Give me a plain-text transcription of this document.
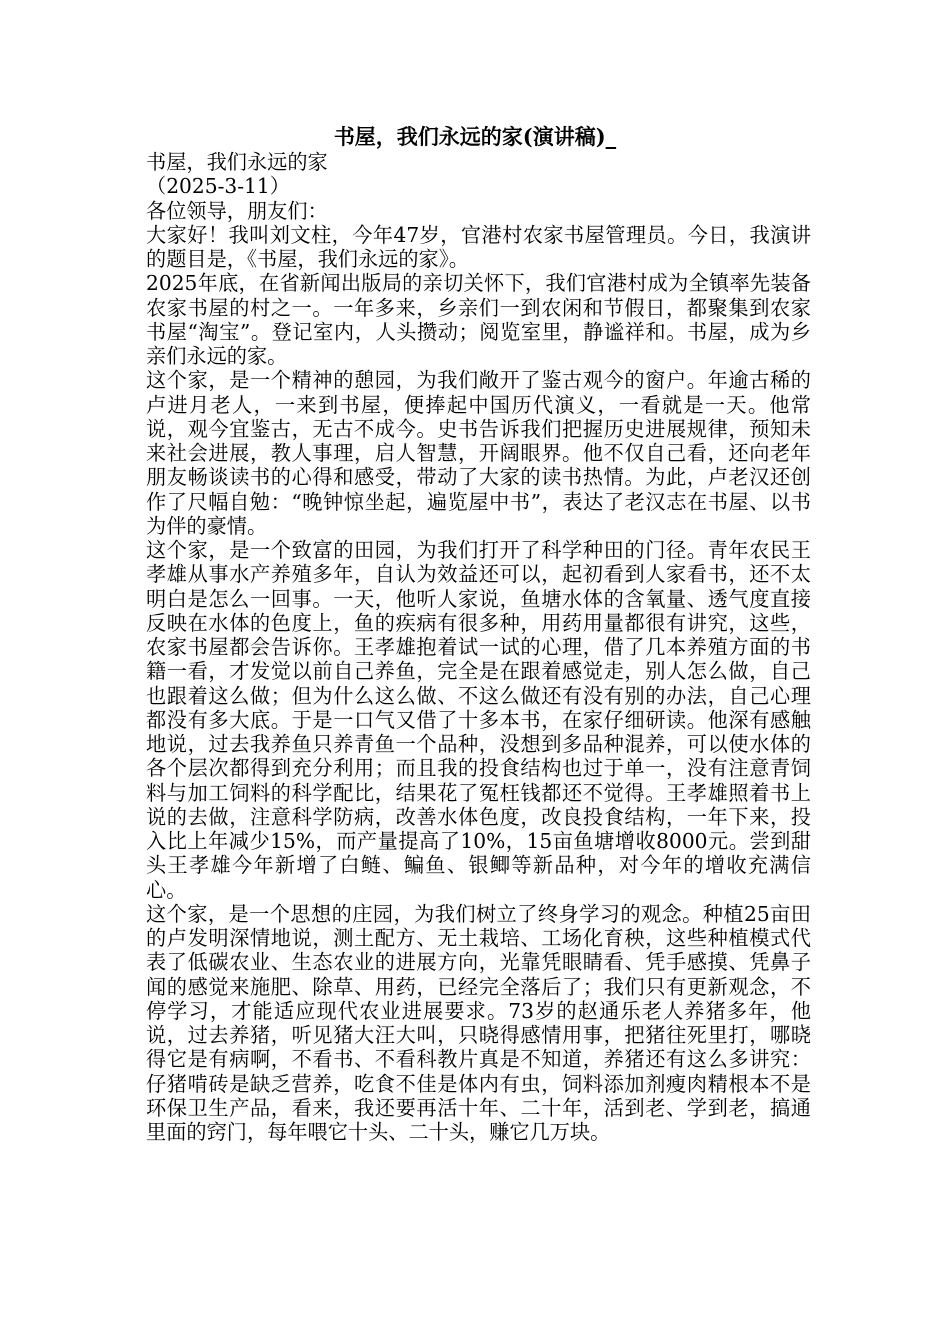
书屋，我们永远的家(演讲稿)_

书屋，我们永远的家

（2025-3-11）

各位领导，朋友们：

大家好！我叫刘文柱，今年47岁，官港村农家书屋管理员。今日，我演讲的题目是，《书屋，我们永远的家》。

2025年底，在省新闻出版局的亲切关怀下，我们官港村成为全镇率先装备农家书屋的村之一。一年多来，乡亲们一到农闲和节假日，都聚集到农家书屋“淘宝”。登记室内，人头攒动；阅览室里，静谧祥和。书屋，成为乡亲们永远的家。

这个家，是一个精神的憩园，为我们敞开了鉴古观今的窗户。年逾古稀的卢进月老人，一来到书屋，便捧起中国历代演义，一看就是一天。他常说，观今宜鉴古，无古不成今。史书告诉我们把握历史进展规律，预知未来社会进展，教人事理，启人智慧，开阔眼界。他不仅自己看，还向老年朋友畅谈读书的心得和感受，带动了大家的读书热情。为此，卢老汉还创作了尺幅自勉：“晚钟惊坐起，遍览屋中书”，表达了老汉志在书屋、以书为伴的豪情。

这个家，是一个致富的田园，为我们打开了科学种田的门径。青年农民王孝雄从事水产养殖多年，自认为效益还可以，起初看到人家看书，还不太明白是怎么一回事。一天，他听人家说，鱼塘水体的含氧量、透气度直接反映在水体的色度上，鱼的疾病有很多种，用药用量都很有讲究，这些，农家书屋都会告诉你。王孝雄抱着试一试的心理，借了几本养殖方面的书籍一看，才发觉以前自己养鱼，完全是在跟着感觉走，别人怎么做，自己也跟着这么做；但为什么这么做、不这么做还有没有别的办法，自己心理都没有多大底。于是一口气又借了十多本书，在家仔细研读。他深有感触地说，过去我养鱼只养青鱼一个品种，没想到多品种混养，可以使水体的各个层次都得到充分利用；而且我的投食结构也过于单一，没有注意青饲料与加工饲料的科学配比，结果花了冤枉钱都还不觉得。王孝雄照着书上说的去做，注意科学防病，改善水体色度，改良投食结构，一年下来，投入比上年减少15%，而产量提高了10%，15亩鱼塘增收8000元。尝到甜头王孝雄今年新增了白鲢、鳊鱼、银鲫等新品种，对今年的增收充满信心。

这个家，是一个思想的庄园，为我们树立了终身学习的观念。种植25亩田的卢发明深情地说，测土配方、无土栽培、工场化育秧，这些种植模式代表了低碳农业、生态农业的进展方向，光靠凭眼睛看、凭手感摸、凭鼻子闻的感觉来施肥、除草、用药，已经完全落后了；我们只有更新观念，不停学习，才能适应现代农业进展要求。73岁的赵通乐老人养猪多年，他说，过去养猪，听见猪大汪大叫，只晓得感情用事，把猪往死里打，哪晓得它是有病啊，不看书、不看科教片真是不知道，养猪还有这么多讲究：仔猪啃砖是缺乏营养，吃食不佳是体内有虫，饲料添加剂瘦肉精根本不是环保卫生产品，看来，我还要再活十年、二十年，活到老、学到老，搞通里面的窍门，每年喂它十头、二十头，赚它几万块。
